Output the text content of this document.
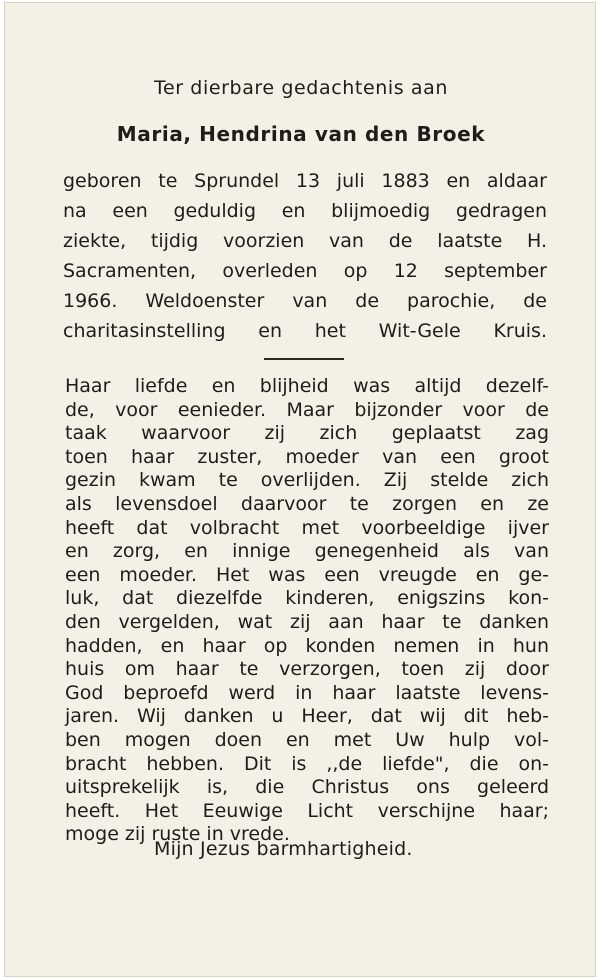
Ter dierbare gedachtenis aan
Maria, Hendrina van den Broek
geboren te Sprundel 13 juli 1883 en aldaar
na een geduldig en blijmoedig gedragen
ziekte, tijdig voorzien van de laatste H.
Sacramenten, overleden op 12 september
1966. Weldoenster van de parochie, de
charitasinstelling en het Wit-Gele Kruis.
Haar liefde en blijheid was altijd dezelf-
de, voor eenieder. Maar bijzonder voor de
taak waarvoor zij zich geplaatst zag
toen haar zuster, moeder van een groot
gezin kwam te overlijden. Zij stelde zich
als levensdoel daarvoor te zorgen en ze
heeft dat volbracht met voorbeeldige ijver
en zorg, en innige genegenheid als van
een moeder. Het was een vreugde en ge-
luk, dat diezelfde kinderen, enigszins kon-
den vergelden, wat zij aan haar te danken
hadden, en haar op konden nemen in hun
huis om haar te verzorgen, toen zij door
God beproefd werd in haar laatste levens-
jaren. Wij danken u Heer, dat wij dit heb-
ben mogen doen en met Uw hulp vol-
bracht hebben. Dit is ,,de liefde", die on-
uitsprekelijk is, die Christus ons geleerd
heeft. Het Eeuwige Licht verschijne haar;
moge zij ruste in vrede.
Mijn Jezus barmhartigheid.
